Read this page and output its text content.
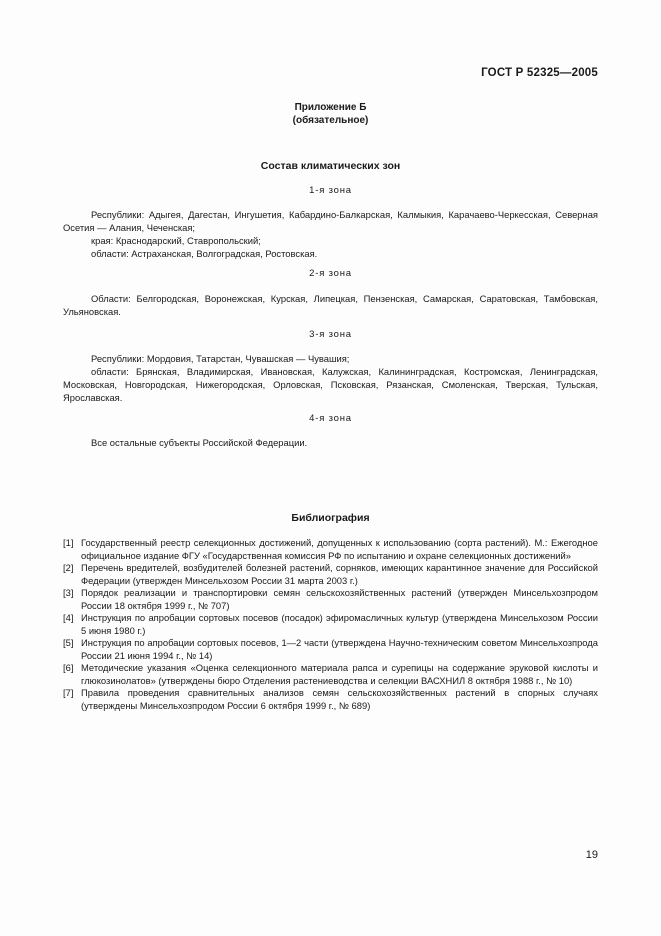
ГОСТ Р 52325—2005
Приложение Б
(обязательное)
Состав климатических зон
1-я зона

Республики: Адыгея, Дагестан, Ингушетия, Кабардино-Балкарская, Калмыкия, Карачаево-Черкесская, Северная Осетия — Алания, Чеченская;

края: Краснодарский, Ставропольский;

области: Астраханская, Волгоградская, Ростовская.

2-я зона

Области: Белгородская, Воронежская, Курская, Липецкая, Пензенская, Самарская, Саратовская, Тамбовская, Ульяновская.

3-я зона

Республики: Мордовия, Татарстан, Чувашская — Чувашия;

области: Брянская, Владимирская, Ивановская, Калужская, Калининградская, Костромская, Ленинградская, Московская, Новгородская, Нижегородская, Орловская, Псковская, Рязанская, Смоленская, Тверская, Тульская, Ярославская.

4-я зона

Все остальные субъекты Российской Федерации.

Библиография
[1] Государственный реестр селекционных достижений, допущенных к использованию (сорта растений). М.: Ежегодное официальное издание ФГУ «Государственная комиссия РФ по испытанию и охране селекционных достижений»
[2] Перечень вредителей, возбудителей болезней растений, сорняков, имеющих карантинное значение для Российской Федерации (утвержден Минсельхозом России 31 марта 2003 г.)
[3] Порядок реализации и транспортировки семян сельскохозяйственных растений (утвержден Минсельхозпродом России 18 октября 1999 г., № 707)
[4] Инструкция по апробации сортовых посевов (посадок) эфиромасличных культур (утверждена Минсельхозом России 5 июня 1980 г.)
[5] Инструкция по апробации сортовых посевов, 1—2 части (утверждена Научно-техническим советом Минсельхозпрода России 21 июня 1994 г., № 14)
[6] Методические указания «Оценка селекционного материала рапса и сурепицы на содержание эруковой кислоты и глюкозинолатов» (утверждены бюро Отделения растениеводства и селекции ВАСХНИЛ 8 октября 1988 г., № 10)
[7] Правила проведения сравнительных анализов семян сельскохозяйственных растений в спорных случаях (утверждены Минсельхозпродом России 6 октября 1999 г., № 689)
19
